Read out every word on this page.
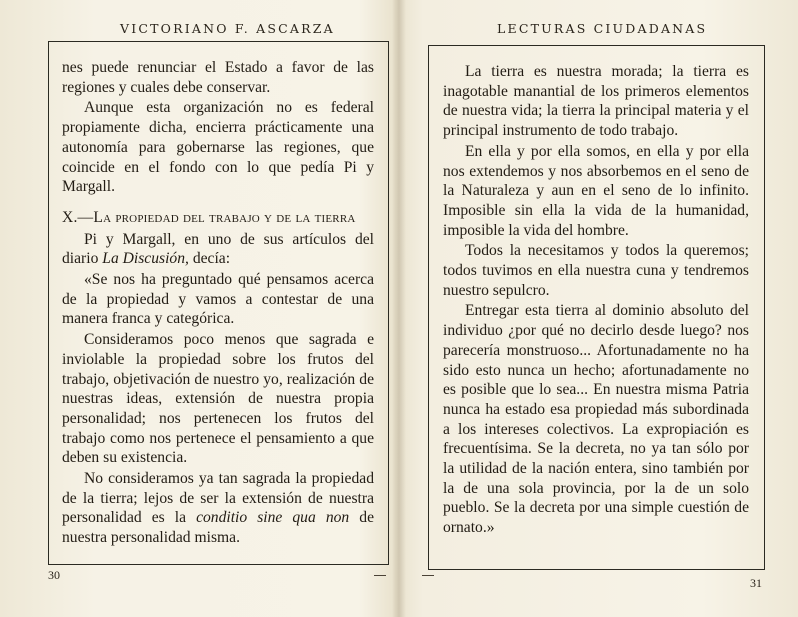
VICTORIANO F. ASCARZA

nes puede renunciar el Estado a favor de las regiones y cuales debe conservar.

Aunque esta organización no es federal propiamente dicha, encierra prácticamente una autonomía para gobernarse las regiones, que coincide en el fondo con lo que pedía Pi y Margall.

X.—La propiedad del trabajo y de la tierra

Pi y Margall, en uno de sus artículos del diario La Discusión, decía:

«Se nos ha preguntado qué pensamos acerca de la propiedad y vamos a contestar de una manera franca y categórica.

Consideramos poco menos que sagrada e inviolable la propiedad sobre los frutos del trabajo, objetivación de nuestro yo, realización de nuestras ideas, extensión de nuestra propia personalidad; nos pertenecen los frutos del trabajo como nos pertenece el pensamiento a que deben su existencia.

No consideramos ya tan sagrada la propiedad de la tierra; lejos de ser la extensión de nuestra personalidad es la conditio sine qua non de nuestra personalidad misma.

30
LECTURAS CIUDADANAS

La tierra es nuestra morada; la tierra es inagotable manantial de los primeros elementos de nuestra vida; la tierra la principal materia y el principal instrumento de todo trabajo.

En ella y por ella somos, en ella y por ella nos extendemos y nos absorbemos en el seno de la Naturaleza y aun en el seno de lo infinito. Imposible sin ella la vida de la humanidad, imposible la vida del hombre.

Todos la necesitamos y todos la queremos; todos tuvimos en ella nuestra cuna y tendremos nuestro sepulcro.

Entregar esta tierra al dominio absoluto del individuo ¿por qué no decirlo desde luego? nos parecería monstruoso... Afortunadamente no ha sido esto nunca un hecho; afortunadamente no es posible que lo sea... En nuestra misma Patria nunca ha estado esa propiedad más subordinada a los intereses colectivos. La expropiación es frecuentísima. Se la decreta, no ya tan sólo por la utilidad de la nación entera, sino también por la de una sola provincia, por la de un solo pueblo. Se la decreta por una simple cuestión de ornato.»

31
